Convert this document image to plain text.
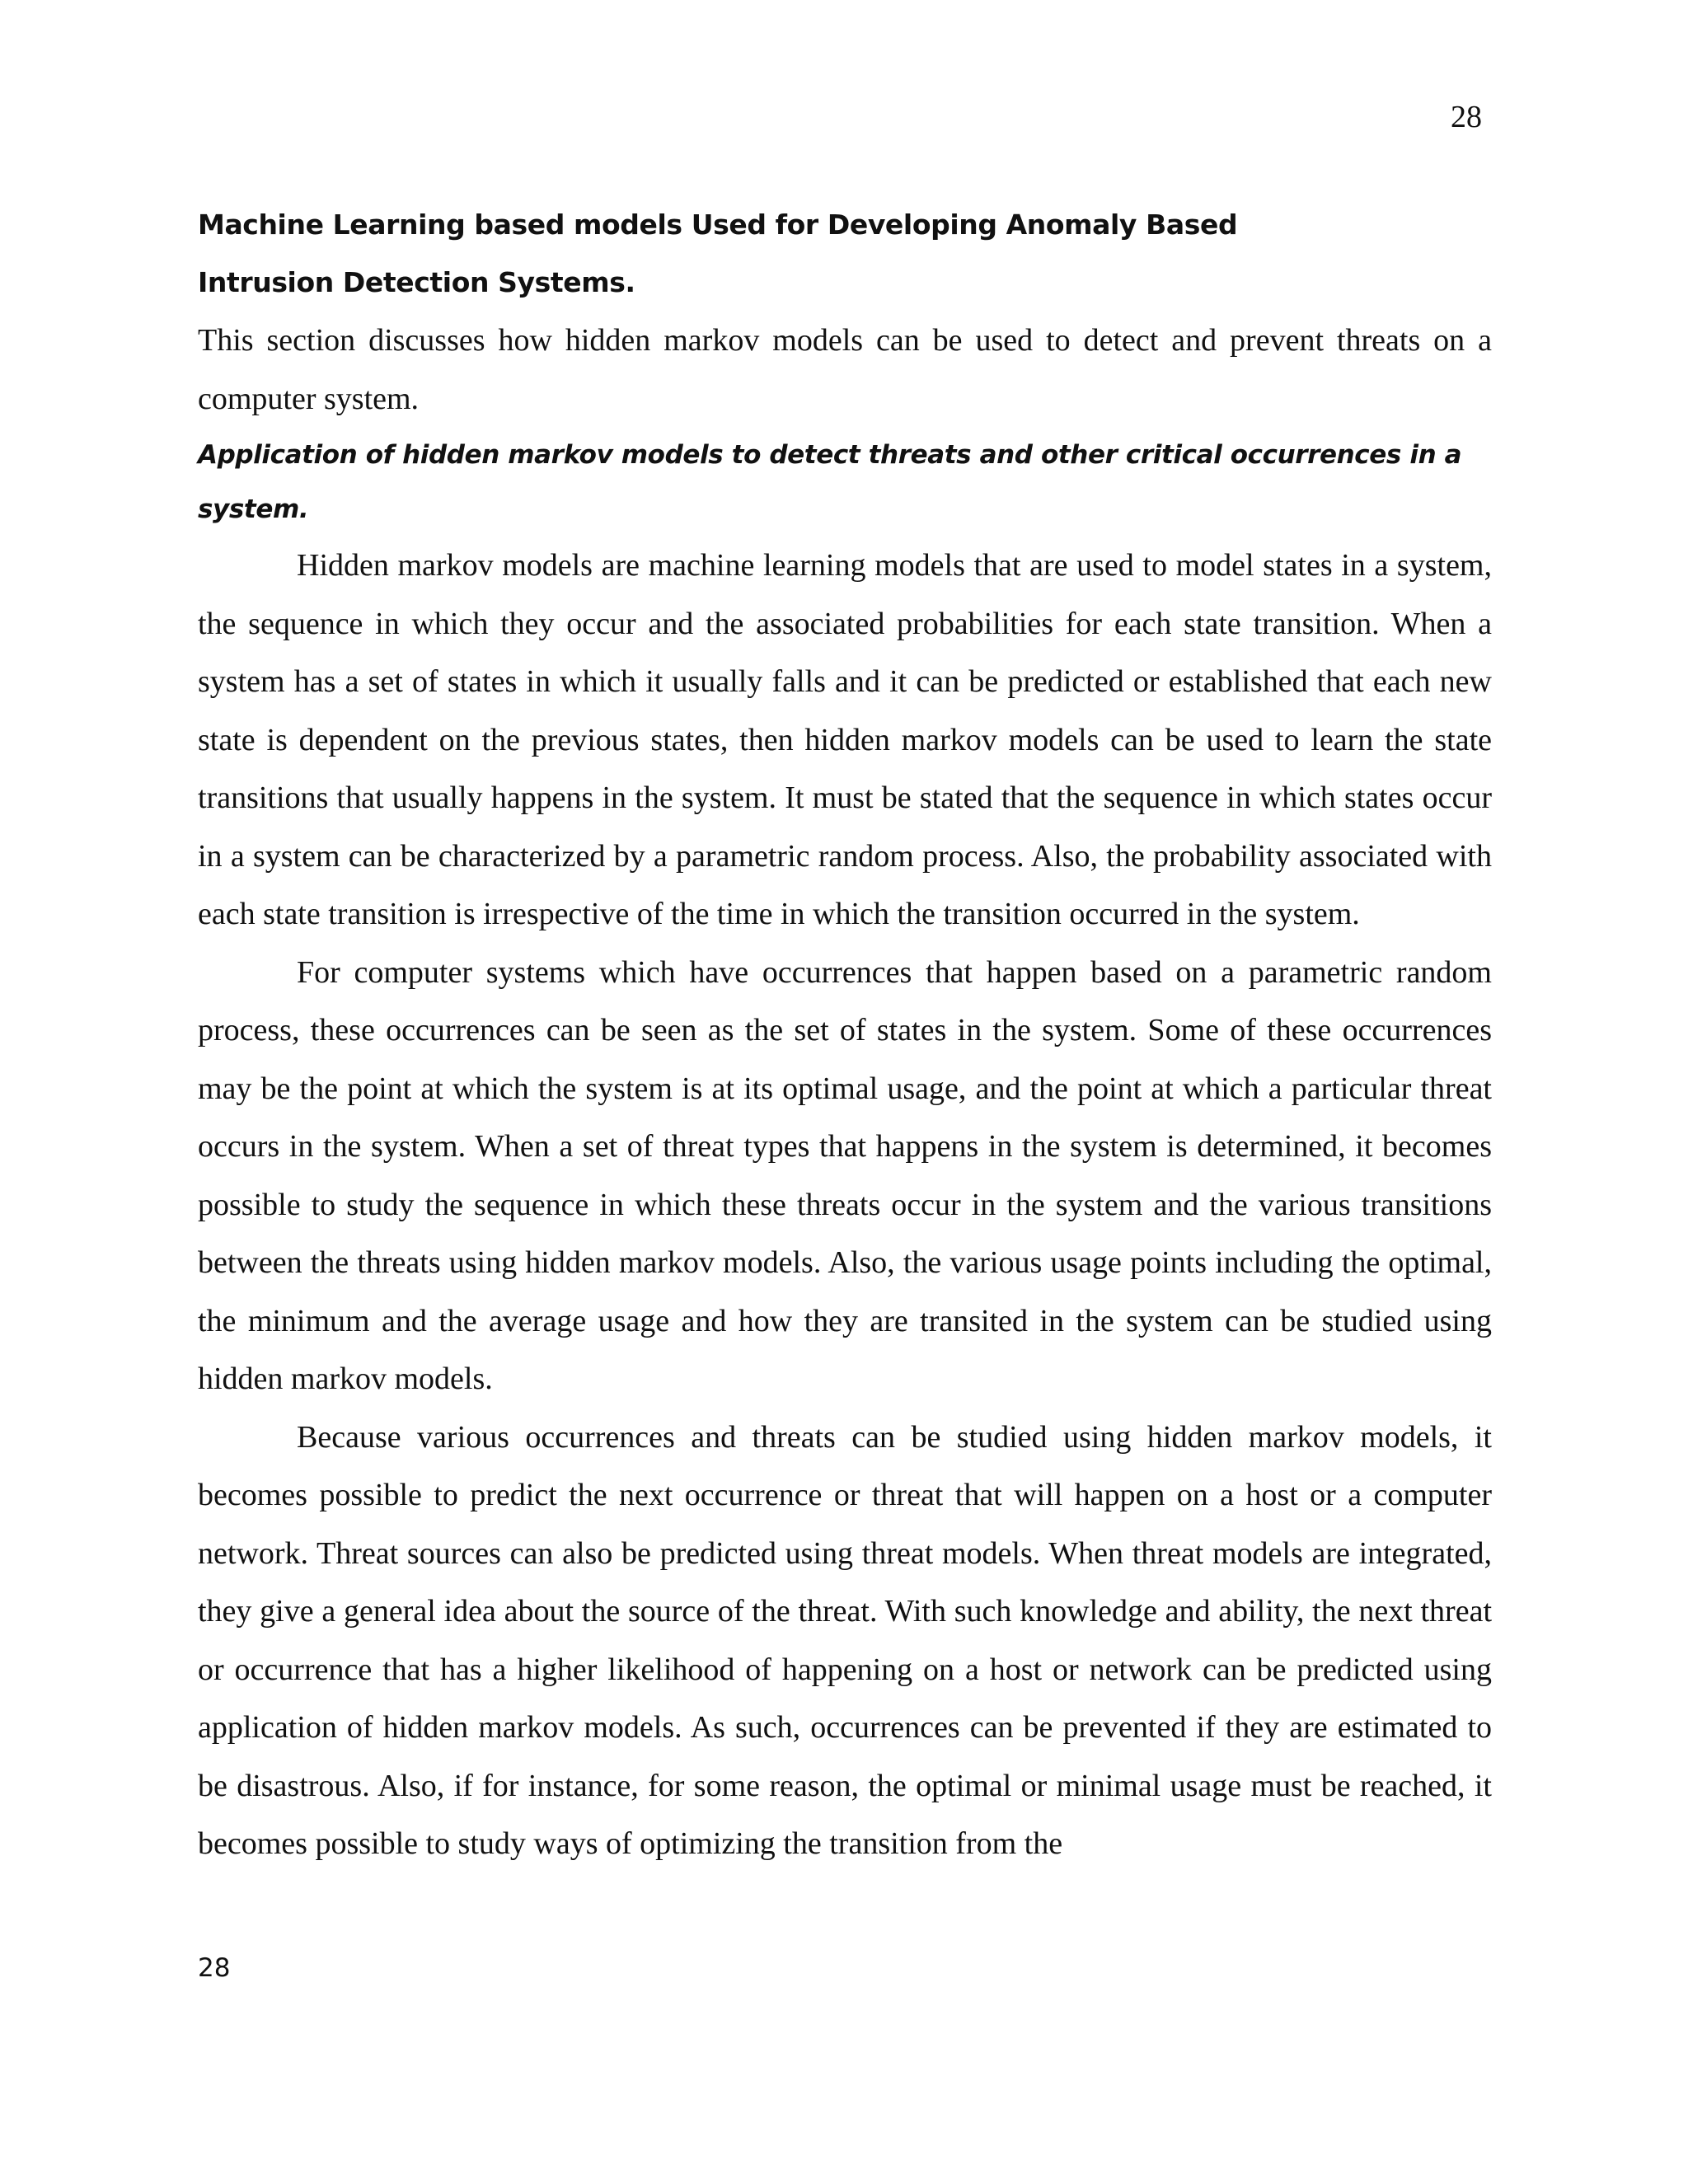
28

Machine Learning based models Used for Developing Anomaly Based
Intrusion Detection Systems.

This section discusses how hidden markov models can be used to detect and prevent threats on a computer system.

Application of hidden markov models to detect threats and other critical occurrences in a
system.

Hidden markov models are machine learning models that are used to model states in a system, the sequence in which they occur and the associated probabilities for each state transition. When a system has a set of states in which it usually falls and it can be predicted or established that each new state is dependent on the previous states, then hidden markov models can be used to learn the state transitions that usually happens in the system. It must be stated that the sequence in which states occur in a system can be characterized by a parametric random process. Also, the probability associated with each state transition is irrespective of the time in which the transition occurred in the system.

For computer systems which have occurrences that happen based on a parametric random process, these occurrences can be seen as the set of states in the system. Some of these occurrences may be the point at which the system is at its optimal usage, and the point at which a particular threat occurs in the system. When a set of threat types that happens in the system is determined, it becomes possible to study the sequence in which these threats occur in the system and the various transitions between the threats using hidden markov models. Also, the various usage points including the optimal, the minimum and the average usage and how they are transited in the system can be studied using hidden markov models.

Because various occurrences and threats can be studied using hidden markov models, it becomes possible to predict the next occurrence or threat that will happen on a host or a computer network. Threat sources can also be predicted using threat models. When threat models are integrated, they give a general idea about the source of the threat. With such knowledge and ability, the next threat or occurrence that has a higher likelihood of happening on a host or network can be predicted using application of hidden markov models. As such, occurrences can be prevented if they are estimated to be disastrous. Also, if for instance, for some reason, the optimal or minimal usage must be reached, it becomes possible to study ways of optimizing the transition from the

28
